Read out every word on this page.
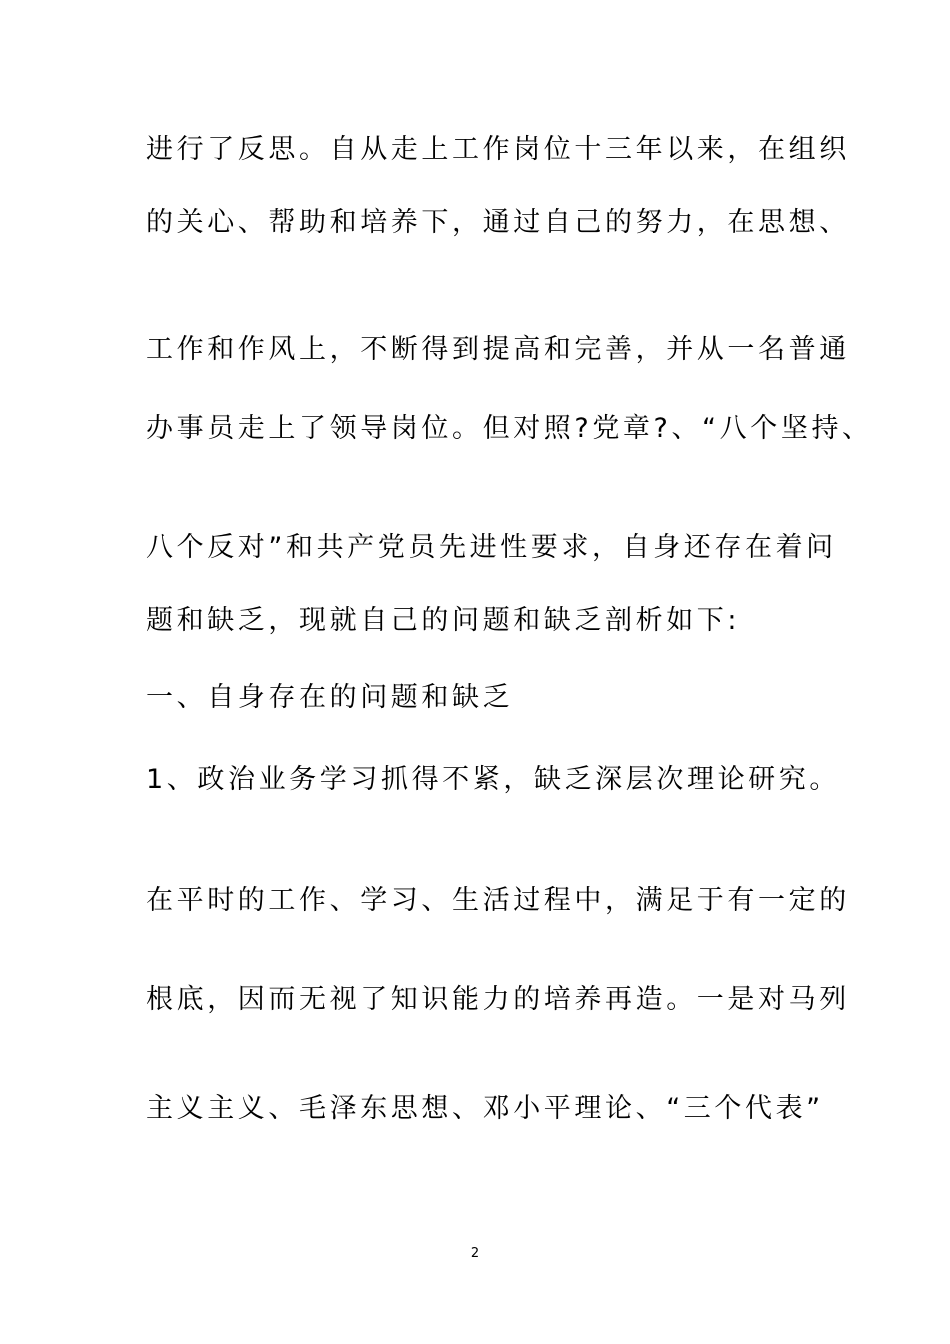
进行了反思。自从走上工作岗位十三年以来，在组织
的关心、帮助和培养下，通过自己的努力，在思想、
工作和作风上，不断得到提高和完善，并从一名普通
办事员走上了领导岗位。但对照?党章?、“八个坚持、
八个反对”和共产党员先进性要求，自身还存在着问
题和缺乏，现就自己的问题和缺乏剖析如下:
一、自身存在的问题和缺乏
1、政治业务学习抓得不紧，缺乏深层次理论研究。
在平时的工作、学习、生活过程中，满足于有一定的
根底，因而无视了知识能力的培养再造。一是对马列
主义主义、毛泽东思想、邓小平理论、“三个代表”
2
